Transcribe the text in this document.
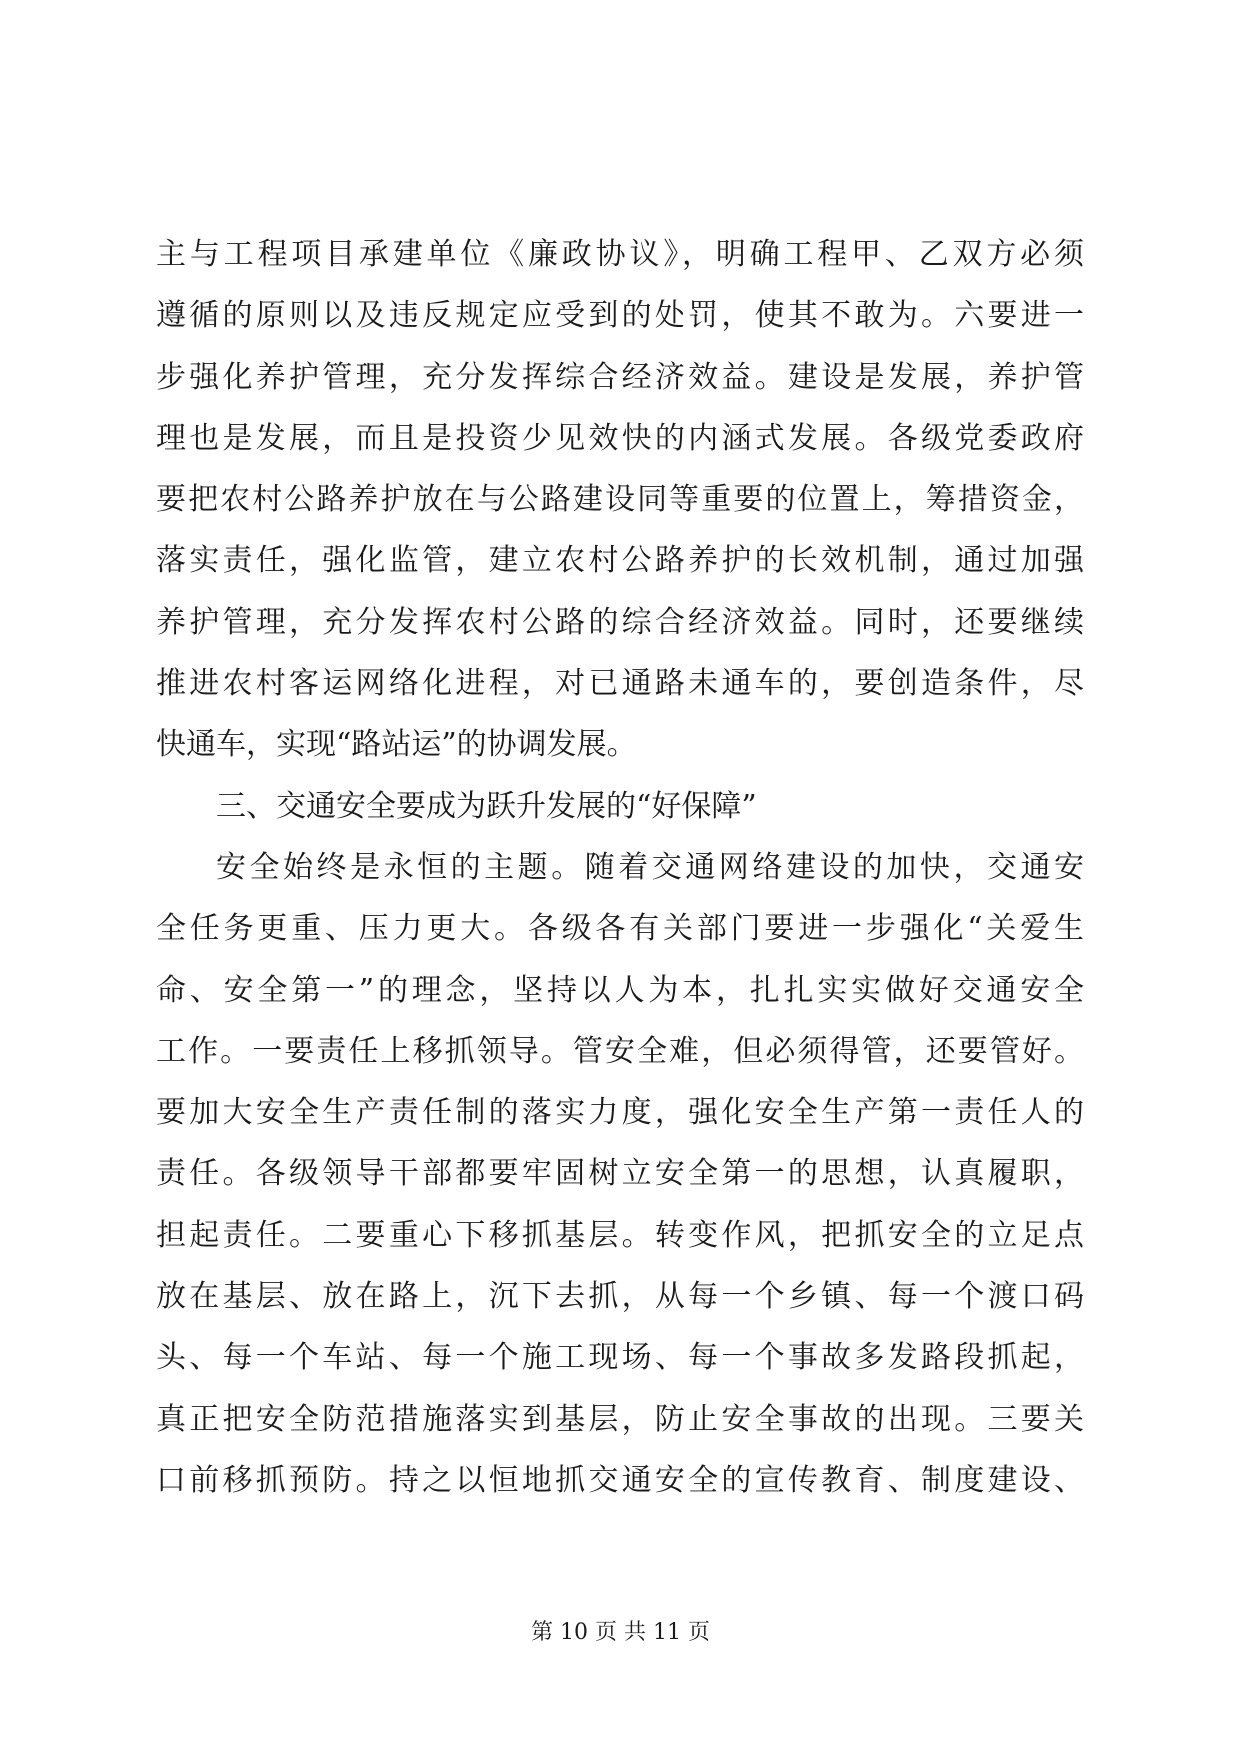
主与工程项目承建单位《廉政协议》，明确工程甲、乙双方必须
遵循的原则以及违反规定应受到的处罚，使其不敢为。六要进一
步强化养护管理，充分发挥综合经济效益。建设是发展，养护管
理也是发展，而且是投资少见效快的内涵式发展。各级党委政府
要把农村公路养护放在与公路建设同等重要的位置上，筹措资金，
落实责任，强化监管，建立农村公路养护的长效机制，通过加强
养护管理，充分发挥农村公路的综合经济效益。同时，还要继续
推进农村客运网络化进程，对已通路未通车的，要创造条件，尽
快通车，实现“路站运”的协调发展。
三、交通安全要成为跃升发展的“好保障”
安全始终是永恒的主题。随着交通网络建设的加快，交通安
全任务更重、压力更大。各级各有关部门要进一步强化“关爱生
命、安全第一”的理念，坚持以人为本，扎扎实实做好交通安全
工作。一要责任上移抓领导。管安全难，但必须得管，还要管好。
要加大安全生产责任制的落实力度，强化安全生产第一责任人的
责任。各级领导干部都要牢固树立安全第一的思想，认真履职，
担起责任。二要重心下移抓基层。转变作风，把抓安全的立足点
放在基层、放在路上，沉下去抓，从每一个乡镇、每一个渡口码
头、每一个车站、每一个施工现场、每一个事故多发路段抓起，
真正把安全防范措施落实到基层，防止安全事故的出现。三要关
口前移抓预防。持之以恒地抓交通安全的宣传教育、制度建设、
第 10 页 共 11 页
